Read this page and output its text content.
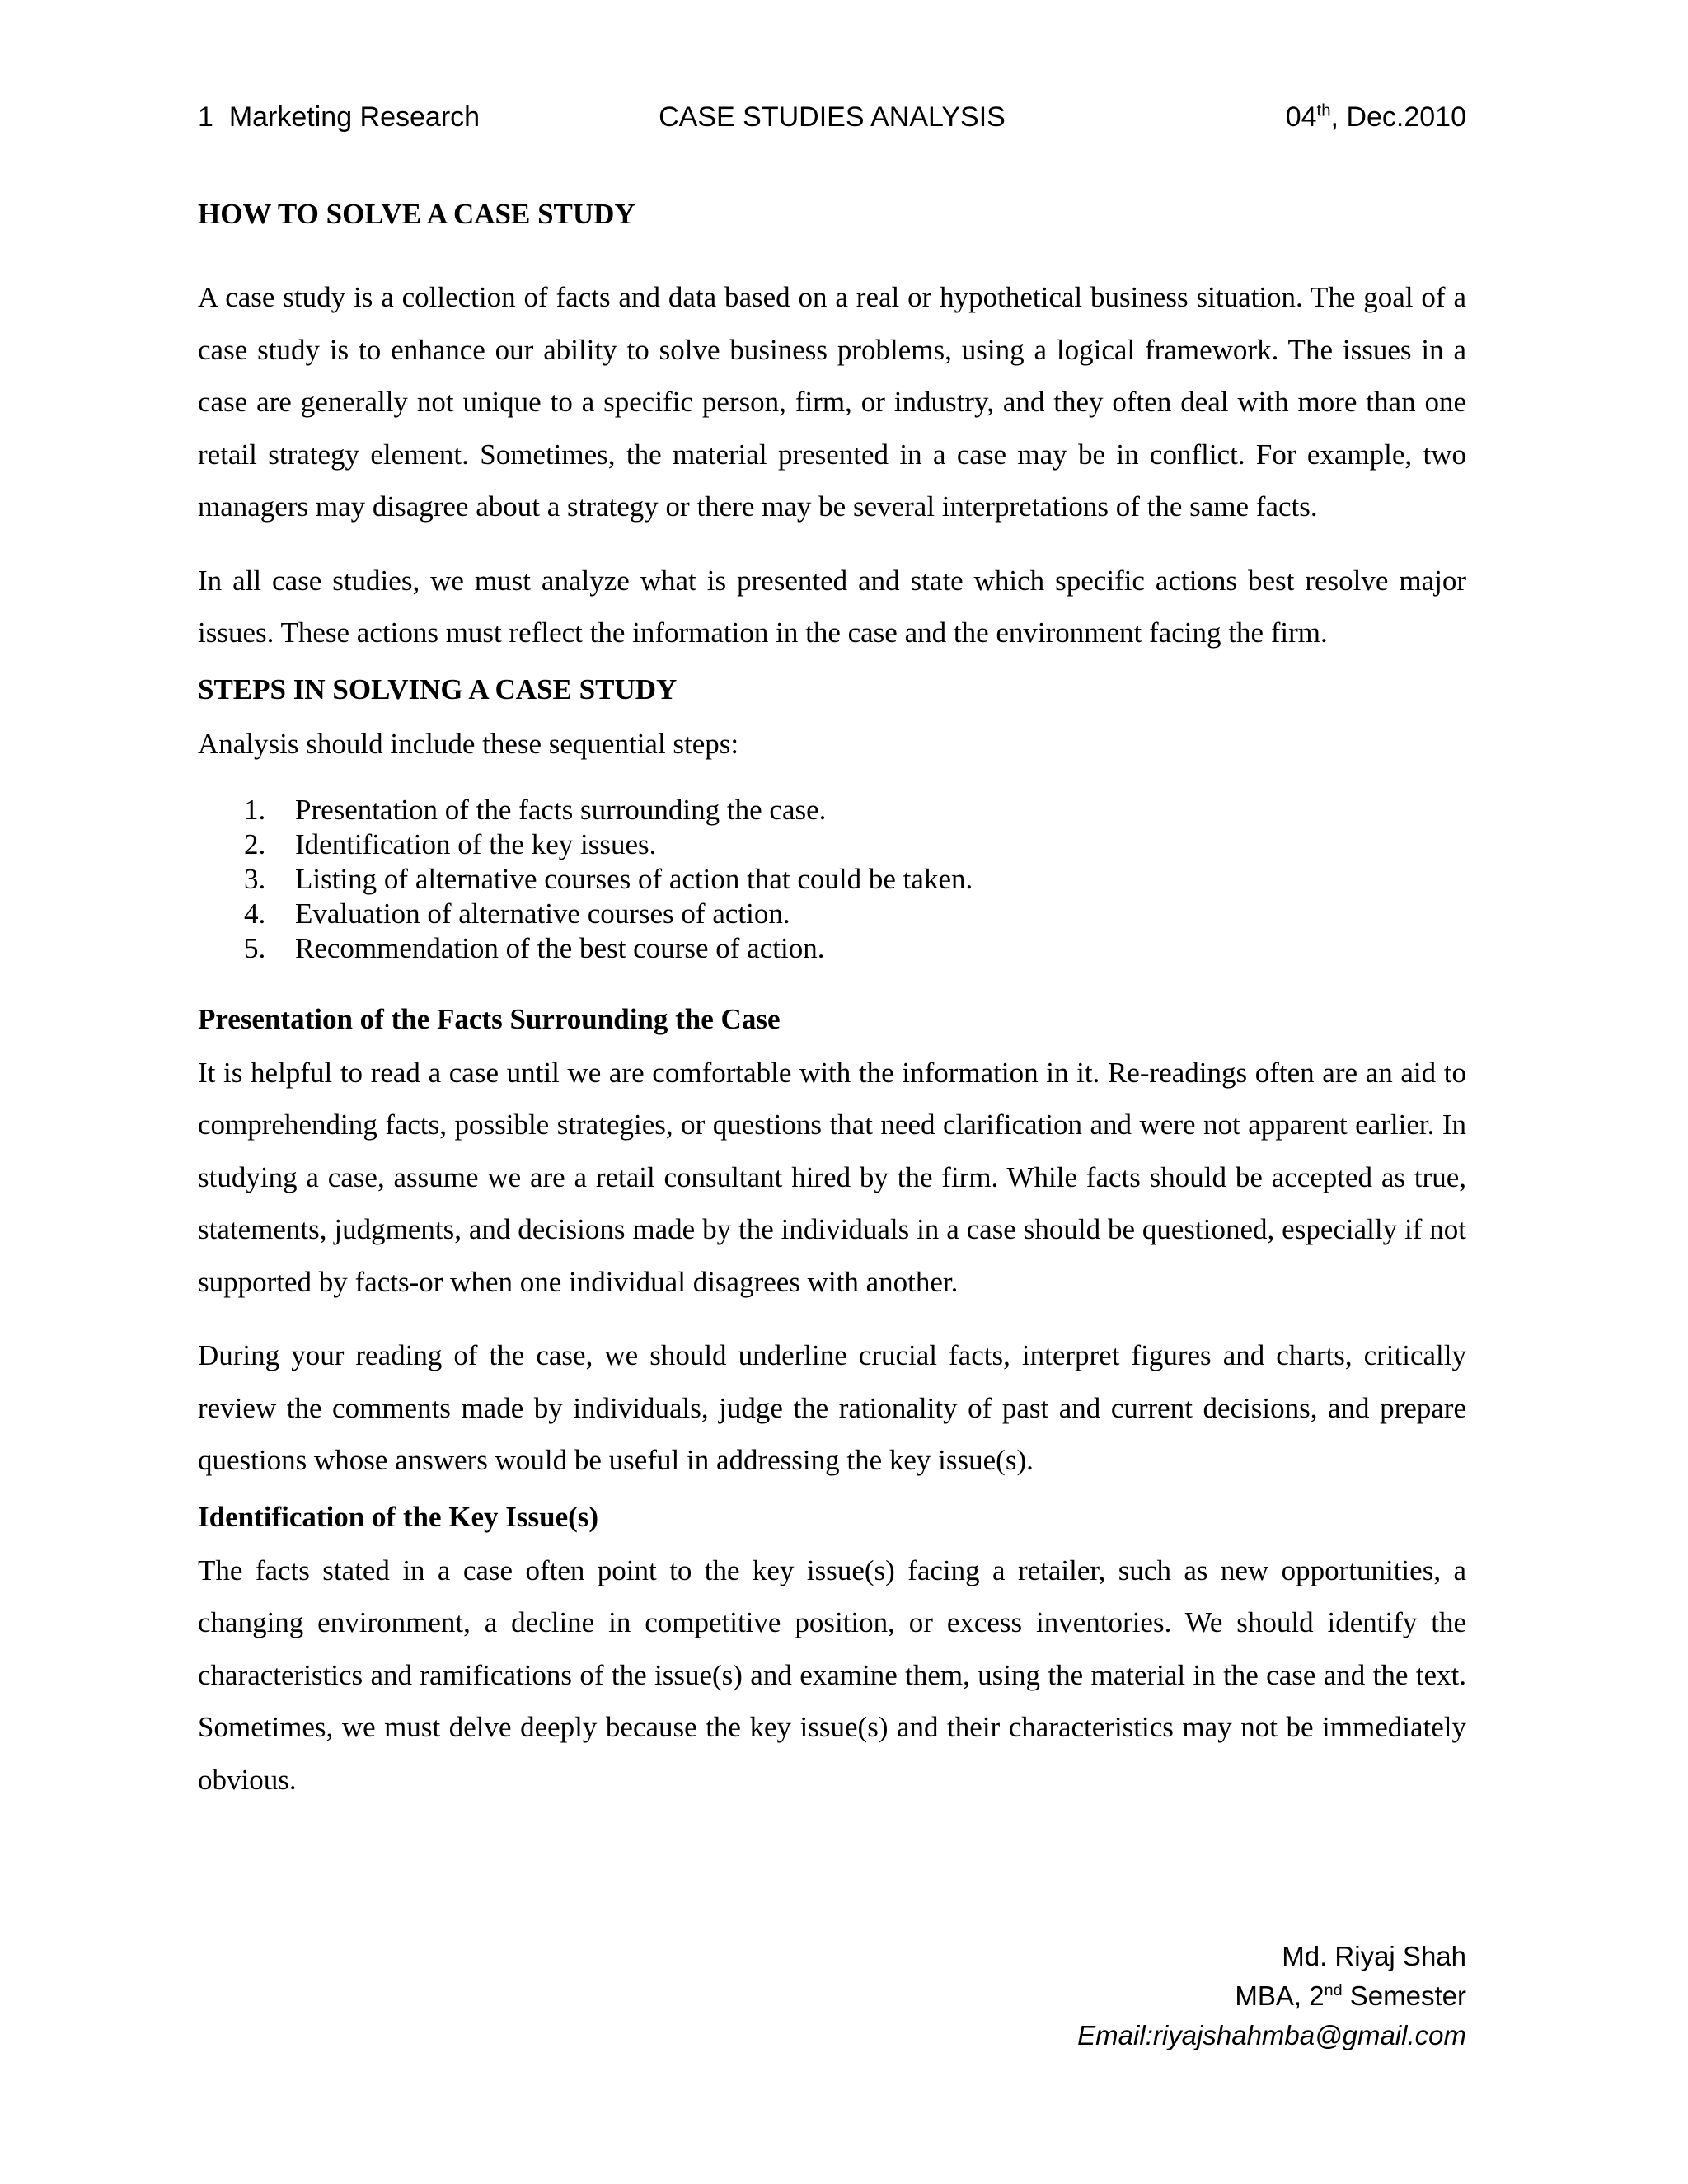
1 Marketing Research	CASE STUDIES ANALYSIS	04th, Dec.2010

HOW TO SOLVE A CASE STUDY

A case study is a collection of facts and data based on a real or hypothetical business situation. The goal of a case study is to enhance our ability to solve business problems, using a logical framework. The issues in a case are generally not unique to a specific person, firm, or industry, and they often deal with more than one retail strategy element. Sometimes, the material presented in a case may be in conflict. For example, two managers may disagree about a strategy or there may be several interpretations of the same facts.

In all case studies, we must analyze what is presented and state which specific actions best resolve major issues. These actions must reflect the information in the case and the environment facing the firm.

STEPS IN SOLVING A CASE STUDY

Analysis should include these sequential steps:

1. Presentation of the facts surrounding the case.
2. Identification of the key issues.
3. Listing of alternative courses of action that could be taken.
4. Evaluation of alternative courses of action.
5. Recommendation of the best course of action.

Presentation of the Facts Surrounding the Case

It is helpful to read a case until we are comfortable with the information in it. Re-readings often are an aid to comprehending facts, possible strategies, or questions that need clarification and were not apparent earlier. In studying a case, assume we are a retail consultant hired by the firm. While facts should be accepted as true, statements, judgments, and decisions made by the individuals in a case should be questioned, especially if not supported by facts-or when one individual disagrees with another.

During your reading of the case, we should underline crucial facts, interpret figures and charts, critically review the comments made by individuals, judge the rationality of past and current decisions, and prepare questions whose answers would be useful in addressing the key issue(s).

Identification of the Key Issue(s)

The facts stated in a case often point to the key issue(s) facing a retailer, such as new opportunities, a changing environment, a decline in competitive position, or excess inventories. We should identify the characteristics and ramifications of the issue(s) and examine them, using the material in the case and the text. Sometimes, we must delve deeply because the key issue(s) and their characteristics may not be immediately obvious.

Md. Riyaj Shah
MBA, 2nd Semester
Email:riyajshahmba@gmail.com
